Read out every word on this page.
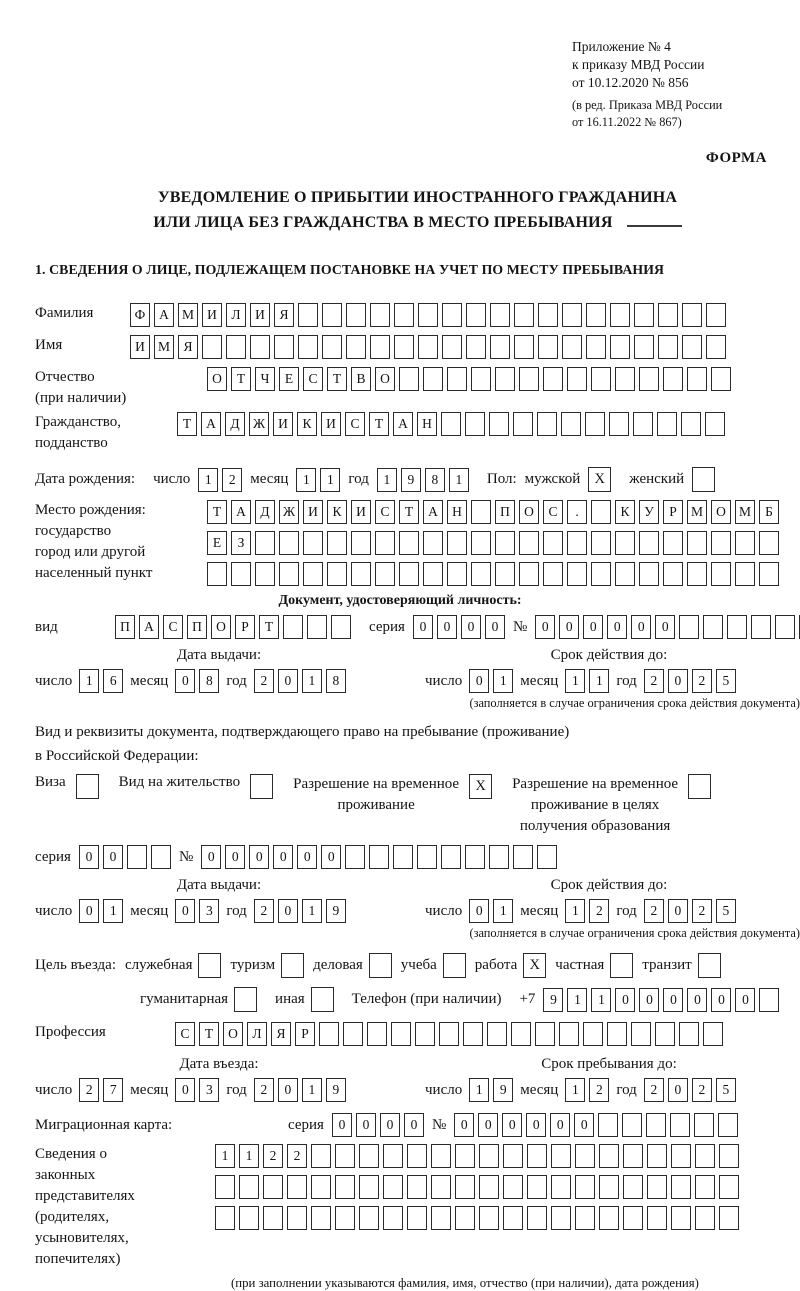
Приложение № 4
к приказу МВД России
от 10.12.2020 № 856
(в ред. Приказа МВД России
от 16.11.2022 № 867)
ФОРМА
УВЕДОМЛЕНИЕ О ПРИБЫТИИ ИНОСТРАННОГО ГРАЖДАНИНА
ИЛИ ЛИЦА БЕЗ ГРАЖДАНСТВА В МЕСТО ПРЕБЫВАНИЯ
1. СВЕДЕНИЯ О ЛИЦЕ, ПОДЛЕЖАЩЕМ ПОСТАНОВКЕ НА УЧЕТ ПО МЕСТУ ПРЕБЫВАНИЯ
Фамилия	Ф	А М И	Л	И	Я
Имя	И М Я
Отчество
(при наличии)
О	Т	Ч	Е	С	Т	В	О
Гражданство,
подданство
Т	А	Д Ж И	К	И	С	Т	А	Н
Дата рождения: число	1	2 месяц	1	1 год	1	9	8	1	Пол: мужской X	женский
Место рождения:
государство
город или другой
населенный пункт
Т	А	Д Ж И	К	И	С	Т	А	Н	П	О	С	.	К	У	Р	М О М	Б
Е	З
Документ, удостоверяющий личность:
вид	П	А	С	П	О	Р	Т	серия	0	0	0	0 №	0	0	0	0	0	0
Дата выдачи:
число	1	6 месяц	0	8 год	2	0	1	8
Срок действия до:
число	0	1 месяц	1	1 год	2	0	2	5
(заполняется в случае ограничения срока действия документа)
Вид и реквизиты документа, подтверждающего право на пребывание (проживание)
в Российской Федерации:
Виза	Вид на жительство	Разрешение на временное
проживание
X	Разрешение на временное
проживание в целях
получения образования
серия	0	0	№	0	0	0	0	0	0
Дата выдачи:
число	0	1 месяц	0	3 год	2	0	1	9
Срок действия до:
число	0	1 месяц	1	2 год	2	0	2	5
(заполняется в случае ограничения срока действия документа)
Цель въезда: служебная	туризм	деловая	учеба	работа X	частная	транзит
гуманитарная	иная	Телефон (при наличии) +7	9	1	1	0	0	0	0	0	0
Профессия	С	Т	О	Л	Я	Р
Дата въезда:
число	2	7 месяц	0	3 год	2	0	1	9
Срок пребывания до:
число	1	9 месяц	1	2 год	2	0	2	5
Миграционная карта:	серия	0	0	0	0 №	0	0	0	0	0	0
Сведения о
законных
представителях
(родителях,
усыновителях,
попечителях)
1	1	2	2
(при заполнении указываются фамилия, имя, отчество (при наличии), дата рождения)
